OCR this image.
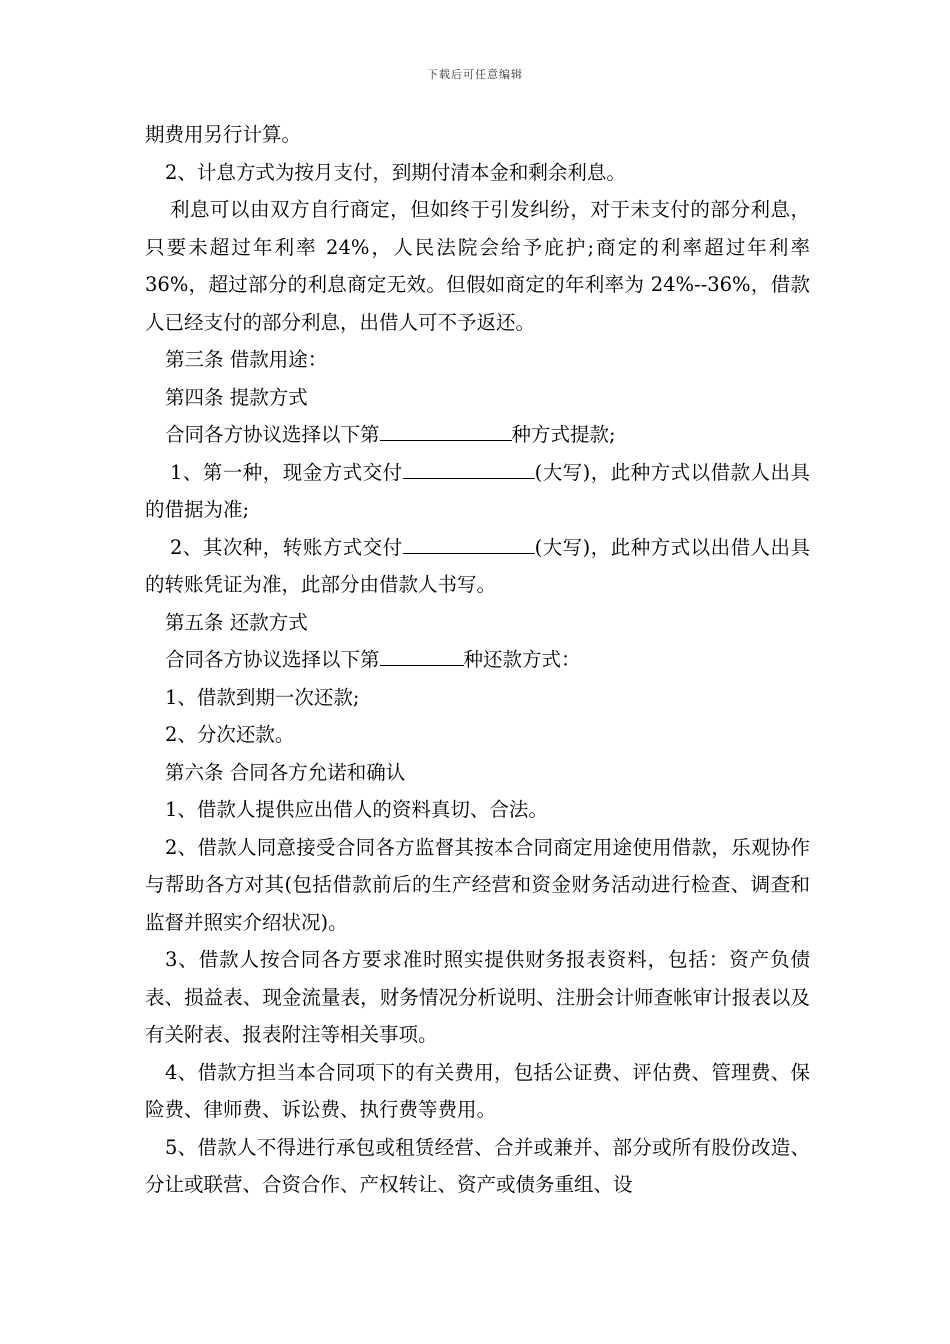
下载后可任意编辑

期费用另行计算。

2、计息方式为按月支付，到期付清本金和剩余利息。

利息可以由双方自行商定，但如终于引发纠纷，对于未支付的部分利息，只要未超过年利率 24%，人民法院会给予庇护;商定的利率超过年利率 36%，超过部分的利息商定无效。但假如商定的年利率为 24%--36%，借款人已经支付的部分利息，出借人可不予返还。

第三条 借款用途：

第四条 提款方式

合同各方协议选择以下第	种方式提款;

1、第一种，现金方式交付	(大写)，此种方式以借款人出具的借据为准;

2、其次种，转账方式交付	(大写)，此种方式以出借人出具的转账凭证为准，此部分由借款人书写。

第五条 还款方式

合同各方协议选择以下第	种还款方式：

1、借款到期一次还款;

2、分次还款。

第六条 合同各方允诺和确认

1、借款人提供应出借人的资料真切、合法。

2、借款人同意接受合同各方监督其按本合同商定用途使用借款，乐观协作与帮助各方对其(包括借款前后的生产经营和资金财务活动进行检查、调查和监督并照实介绍状况)。

3、借款人按合同各方要求准时照实提供财务报表资料，包括：资产负债表、损益表、现金流量表，财务情况分析说明、注册会计师查帐审计报表以及有关附表、报表附注等相关事项。

4、借款方担当本合同项下的有关费用，包括公证费、评估费、管理费、保险费、律师费、诉讼费、执行费等费用。

5、借款人不得进行承包或租赁经营、合并或兼并、部分或所有股份改造、分让或联营、合资合作、产权转让、资产或债务重组、设
